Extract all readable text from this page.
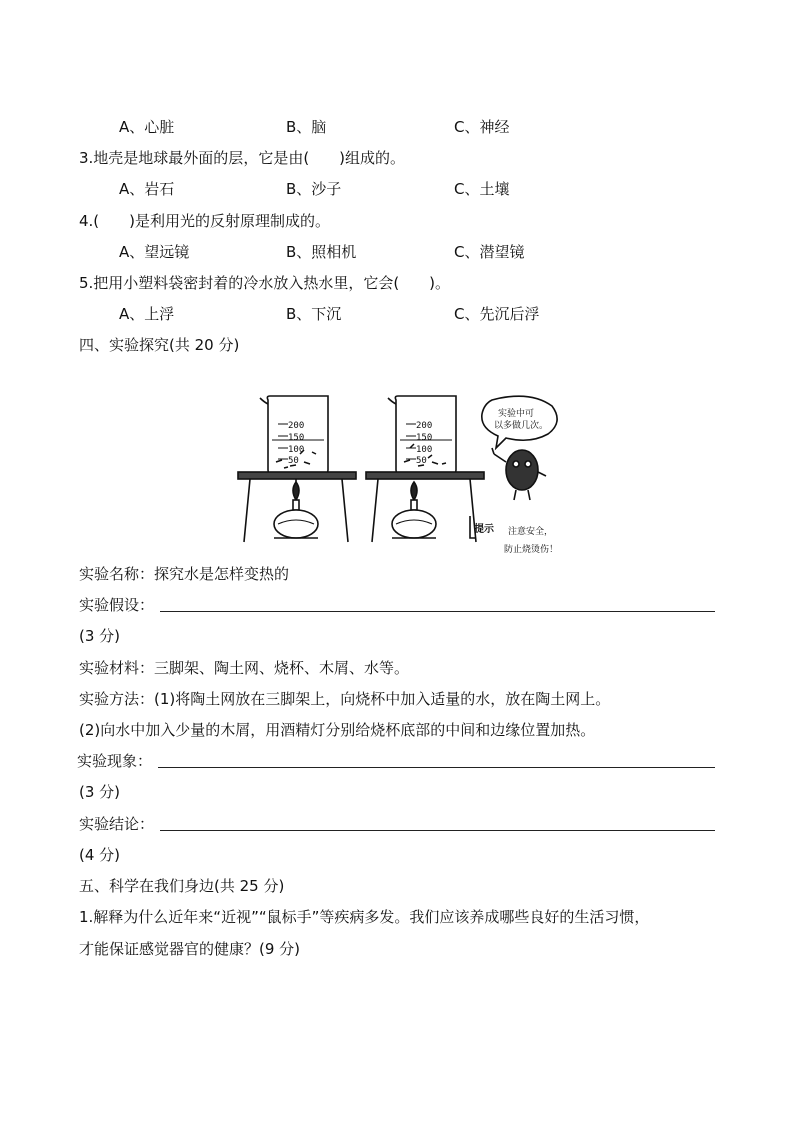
A、心脏	B、脑	C、神经
3.地壳是地球最外面的层，它是由(　　)组成的。
A、岩石	B、沙子	C、土壤
4.(　　)是利用光的反射原理制成的。
A、望远镜	B、照相机	C、潜望镜
5.把用小塑料袋密封着的冷水放入热水里，它会(　　)。
A、上浮	B、下沉	C、先沉后浮
四、实验探究(共 20 分)
200
150
100
50
200
150
100
50
实验中可
以多做几次。
提示 注意安全，
防止烧烫伤！
实验名称：探究水是怎样变热的
实验假设：
(3 分)
实验材料：三脚架、陶土网、烧杯、木屑、水等。
实验方法：(1)将陶土网放在三脚架上，向烧杯中加入适量的水，放在陶土网上。
(2)向水中加入少量的木屑，用酒精灯分别给烧杯底部的中间和边缘位置加热。
实验现象：
(3 分)
实验结论：
(4 分)
五、科学在我们身边(共 25 分)
1.解释为什么近年来“近视”“鼠标手”等疾病多发。我们应该养成哪些良好的生活习惯，
才能保证感觉器官的健康？(9 分)
